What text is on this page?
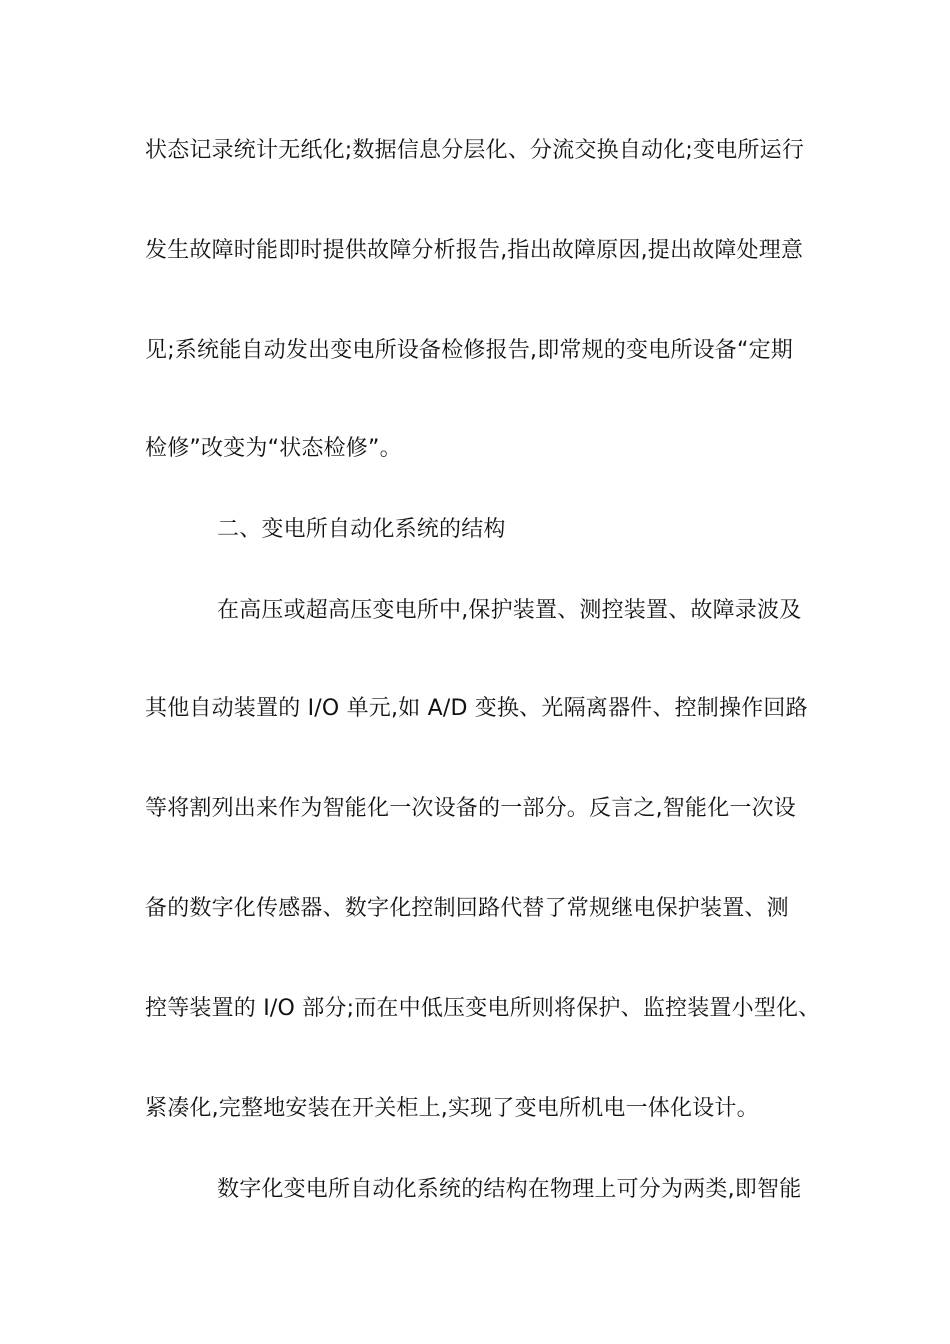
状态记录统计无纸化;数据信息分层化、分流交换自动化;变电所运行
发生故障时能即时提供故障分析报告,指出故障原因,提出故障处理意
见;系统能自动发出变电所设备检修报告,即常规的变电所设备“定期
检修”改变为“状态检修”。
二、变电所自动化系统的结构
在高压或超高压变电所中,保护装置、测控装置、故障录波及
其他自动装置的 I/O 单元,如 A/D 变换、光隔离器件、控制操作回路
等将割列出来作为智能化一次设备的一部分。反言之,智能化一次设
备的数字化传感器、数字化控制回路代替了常规继电保护装置、测
控等装置的 I/O 部分;而在中低压变电所则将保护、监控装置小型化、
紧凑化,完整地安装在开关柜上,实现了变电所机电一体化设计。
数字化变电所自动化系统的结构在物理上可分为两类,即智能
